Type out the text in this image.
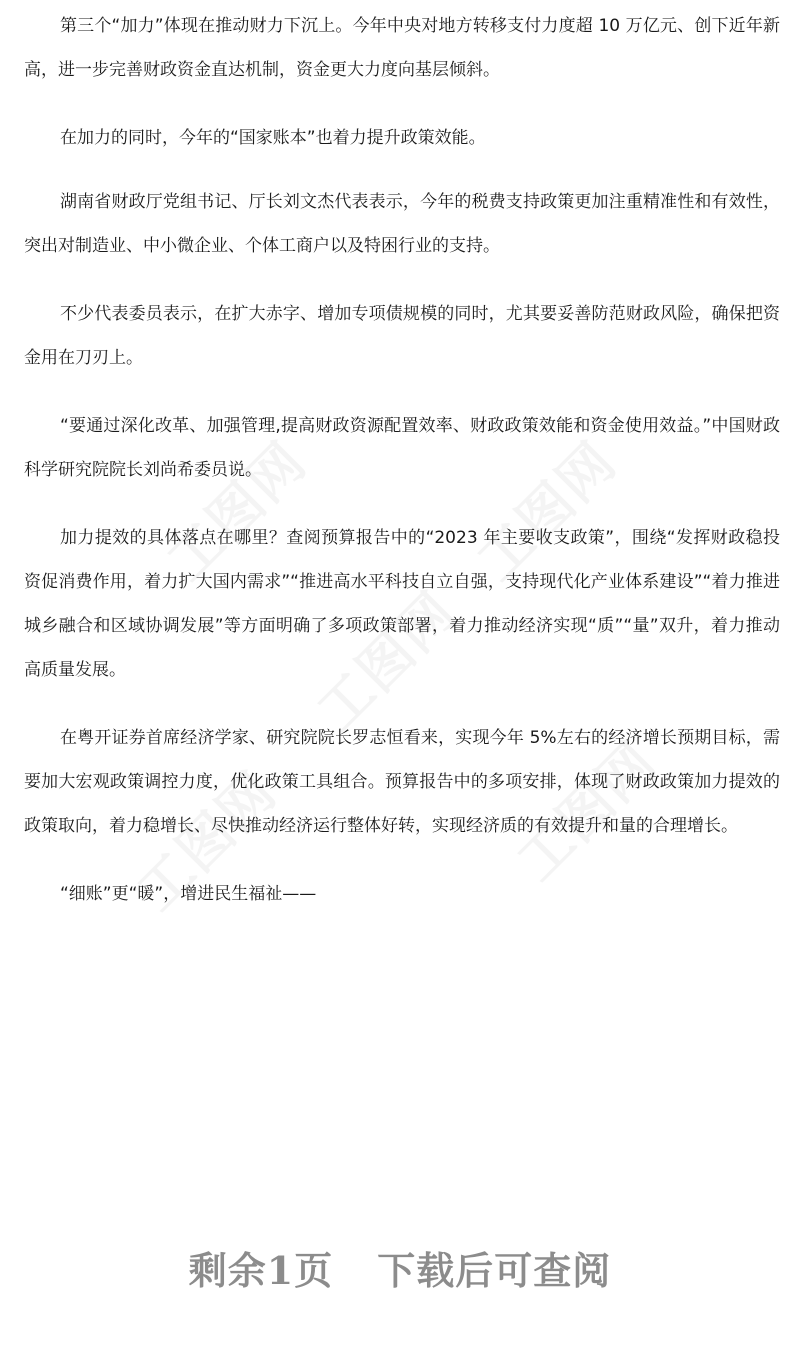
第三个“加力”体现在推动财力下沉上。今年中央对地方转移支付力度超 10 万亿元、创下近年新高，进一步完善财政资金直达机制，资金更大力度向基层倾斜。

在加力的同时，今年的“国家账本”也着力提升政策效能。

湖南省财政厅党组书记、厅长刘文杰代表表示，今年的税费支持政策更加注重精准性和有效性，突出对制造业、中小微企业、个体工商户以及特困行业的支持。

不少代表委员表示，在扩大赤字、增加专项债规模的同时，尤其要妥善防范财政风险，确保把资金用在刀刃上。

“要通过深化改革、加强管理,提高财政资源配置效率、财政政策效能和资金使用效益。”中国财政科学研究院院长刘尚希委员说。

加力提效的具体落点在哪里？查阅预算报告中的“2023 年主要收支政策”，围绕“发挥财政稳投资促消费作用，着力扩大国内需求”“推进高水平科技自立自强，支持现代化产业体系建设”“着力推进城乡融合和区域协调发展”等方面明确了多项政策部署，着力推动经济实现“质”“量”双升，着力推动高质量发展。

在粤开证券首席经济学家、研究院院长罗志恒看来，实现今年 5%左右的经济增长预期目标，需要加大宏观政策调控力度，优化政策工具组合。预算报告中的多项安排，体现了财政政策加力提效的政策取向，着力稳增长、尽快推动经济运行整体好转，实现经济质的有效提升和量的合理增长。

“细账”更“暖”，增进民生福祉——

剩余1页 下载后可查阅
